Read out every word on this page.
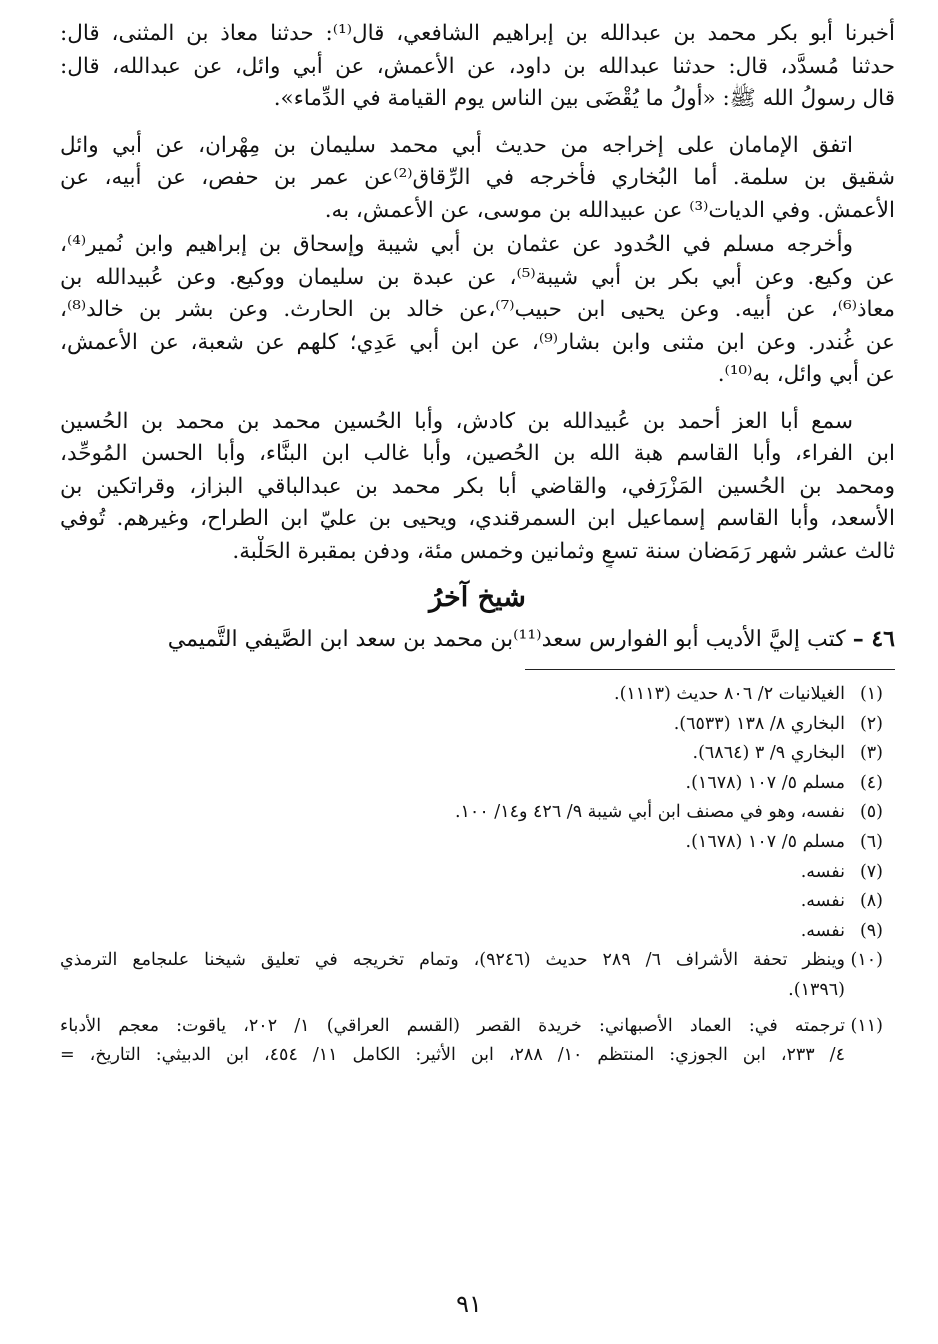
أخبرنا أبو بكر محمد بن عبدالله بن إبراهيم الشافعي، قال⁽¹⁾: حدثنا معاذ بن المثنى، قال:
حدثنا مُسدَّد، قال: حدثنا عبدالله بن داود، عن الأعمش، عن أبي وائل، عن عبدالله، قال:
قال رسولُ الله ﷺ: «أولُ ما يُقْضَى بين الناس يوم القيامة في الدِّماء».

اتفق الإمامان على إخراجه من حديث أبي محمد سليمان بن مِهْران، عن أبي وائل
شقيق بن سلمة. أما البُخاري فأخرجه في الرِّقاق⁽²⁾عن عمر بن حفص، عن أبيه، عن
الأعمش. وفي الديات⁽³⁾ عن عبيدالله بن موسى، عن الأعمش، به.

وأخرجه مسلم في الحُدود عن عثمان بن أبي شيبة وإسحاق بن إبراهيم وابن نُمير⁽⁴⁾،
عن وكيع. وعن أبي بكر بن أبي شيبة⁽⁵⁾، عن عبدة بن سليمان ووكيع. وعن عُبيدالله بن
معاذ⁽⁶⁾، عن أبيه. وعن يحيى ابن حبيب⁽⁷⁾،عن خالد بن الحارث. وعن بشر بن خالد⁽⁸⁾،
عن غُندر. وعن ابن مثنى وابن بشار⁽⁹⁾، عن ابن أبي عَدِي؛ كلهم عن شعبة، عن الأعمش،
عن أبي وائل، به⁽¹⁰⁾.

سمع أبا العز أحمد بن عُبيدالله بن كادش، وأبا الحُسين محمد بن محمد بن الحُسين
ابن الفراء، وأبا القاسم هبة الله بن الحُصين، وأبا غالب ابن البنَّاء، وأبا الحسن المُوحِّد،
ومحمد بن الحُسين المَزْرَفي، والقاضي أبا بكر محمد بن عبدالباقي البزاز، وقراتكين بن
الأسعد، وأبا القاسم إسماعيل ابن السمرقندي، ويحيى بن عليّ ابن الطراح، وغيرهم. تُوفي
ثالث عشر شهر رَمَضان سنة تسعٍ وثمانين وخمس مئة، ودفن بمقبرة الحَلْبة.

شيخ آخرُ

٤٦ – كتب إليَّ الأديب أبو الفوارس سعد⁽¹¹⁾بن محمد بن سعد ابن الصَّيفي التَّميمي

(١)
الغيلانيات ٢/ ٨٠٦ حديث (١١١٣).
(٢)
البخاري ٨/ ١٣٨ (٦٥٣٣).
(٣)
البخاري ٩/ ٣ (٦٨٦٤).
(٤)
مسلم ٥/ ١٠٧ (١٦٧٨).
(٥)
نفسه، وهو في مصنف ابن أبي شيبة ٩/ ٤٢٦ و١٤/ ١٠٠.
(٦)
مسلم ٥/ ١٠٧ (١٦٧٨).
(٧)
نفسه.
(٨)
نفسه.
(٩)
نفسه.
(١٠)
وينظر تحفة الأشراف ٦/ ٢٨٩ حديث (٩٢٤٦)، وتمام تخريجه في تعليق شيخنا علىجامع الترمذي
(١٣٩٦).
(١١)
ترجمته في: العماد الأصبهاني: خريدة القصر (القسم العراقي) ١/ ٢٠٢، ياقوت: معجم الأدباء
٤/ ٢٣٣، ابن الجوزي: المنتظم ١٠/ ٢٨٨، ابن الأثير: الكامل ١١/ ٤٥٤، ابن الدبيثي: التاريخ، =
٩١
